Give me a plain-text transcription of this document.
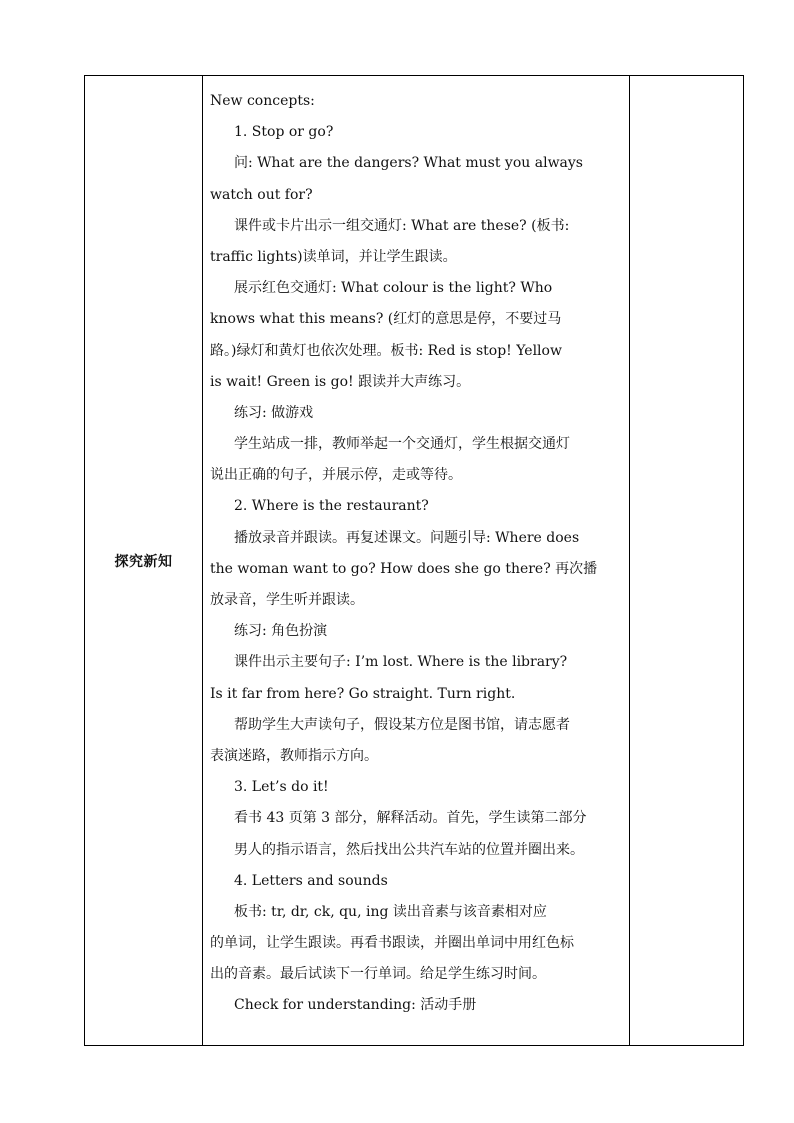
探究新知

New concepts:
1. Stop or go?
问: What are the dangers? What must you always
watch out for?
课件或卡片出示一组交通灯: What are these? (板书:
traffic lights)读单词，并让学生跟读。
展示红色交通灯: What colour is the light? Who
knows what this means? (红灯的意思是停，不要过马
路。)绿灯和黄灯也依次处理。板书: Red is stop! Yellow
is wait! Green is go! 跟读并大声练习。
练习: 做游戏
学生站成一排，教师举起一个交通灯，学生根据交通灯
说出正确的句子，并展示停，走或等待。
2. Where is the restaurant?
播放录音并跟读。再复述课文。问题引导: Where does
the woman want to go? How does she go there? 再次播
放录音，学生听并跟读。
练习: 角色扮演
课件出示主要句子: I’m lost. Where is the library?
Is it far from here? Go straight. Turn right.
帮助学生大声读句子，假设某方位是图书馆，请志愿者
表演迷路，教师指示方向。
3. Let’s do it!
看书 43 页第 3 部分，解释活动。首先，学生读第二部分
男人的指示语言，然后找出公共汽车站的位置并圈出来。
4. Letters and sounds
板书: tr, dr, ck, qu, ing 读出音素与该音素相对应
的单词，让学生跟读。再看书跟读，并圈出单词中用红色标
出的音素。最后试读下一行单词。给足学生练习时间。
Check for understanding: 活动手册
